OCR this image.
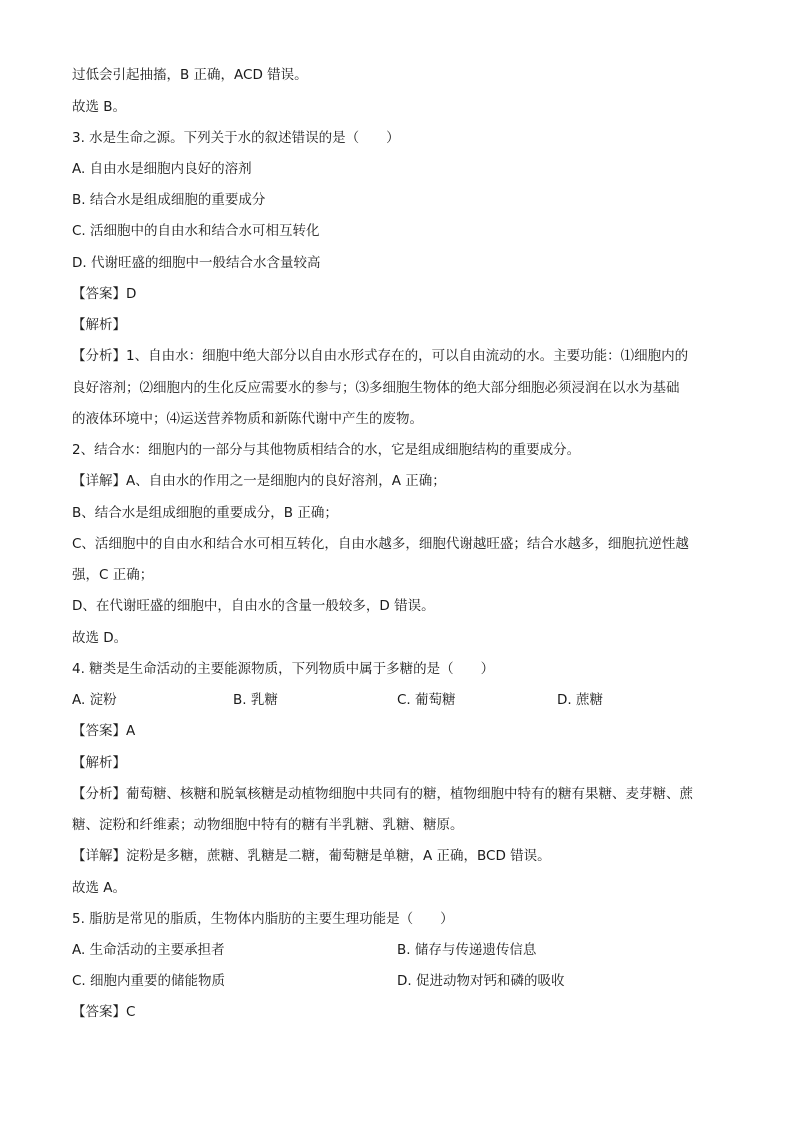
过低会引起抽搐，B 正确，ACD 错误。
故选 B。
3. 水是生命之源。下列关于水的叙述错误的是（　　）
A. 自由水是细胞内良好的溶剂
B. 结合水是组成细胞的重要成分
C. 活细胞中的自由水和结合水可相互转化
D. 代谢旺盛的细胞中一般结合水含量较高
【答案】D
【解析】
【分析】1、自由水：细胞中绝大部分以自由水形式存在的，可以自由流动的水。主要功能：⑴细胞内的
良好溶剂；⑵细胞内的生化反应需要水的参与；⑶多细胞生物体的绝大部分细胞必须浸润在以水为基础
的液体环境中；⑷运送营养物质和新陈代谢中产生的废物。
2、结合水：细胞内的一部分与其他物质相结合的水，它是组成细胞结构的重要成分。
【详解】A、自由水的作用之一是细胞内的良好溶剂，A 正确；
B、结合水是组成细胞的重要成分，B 正确；
C、活细胞中的自由水和结合水可相互转化，自由水越多，细胞代谢越旺盛；结合水越多，细胞抗逆性越
强，C 正确；
D、在代谢旺盛的细胞中，自由水的含量一般较多，D 错误。
故选 D。
4. 糖类是生命活动的主要能源物质，下列物质中属于多糖的是（　　）
A. 淀粉	B. 乳糖	C. 葡萄糖	D. 蔗糖
【答案】A
【解析】
【分析】葡萄糖、核糖和脱氧核糖是动植物细胞中共同有的糖，植物细胞中特有的糖有果糖、麦芽糖、蔗
糖、淀粉和纤维素；动物细胞中特有的糖有半乳糖、乳糖、糖原。
【详解】淀粉是多糖，蔗糖、乳糖是二糖，葡萄糖是单糖，A 正确，BCD 错误。
故选 A。
5. 脂肪是常见的脂质，生物体内脂肪的主要生理功能是（　　）
A. 生命活动的主要承担者	B. 储存与传递遗传信息
C. 细胞内重要的储能物质	D. 促进动物对钙和磷的吸收
【答案】C
